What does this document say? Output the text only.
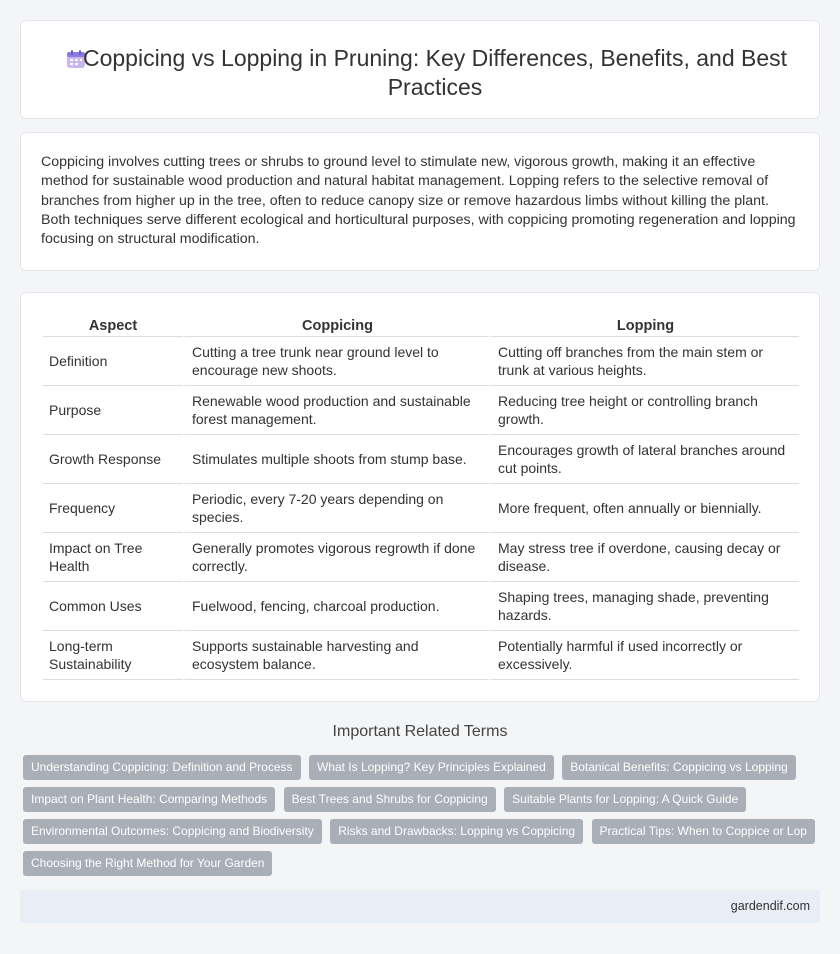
Coppicing vs Lopping in Pruning: Key Differences, Benefits, and Best Practices

Coppicing involves cutting trees or shrubs to ground level to stimulate new, vigorous growth, making it an effective method for sustainable wood production and natural habitat management. Lopping refers to the selective removal of branches from higher up in the tree, often to reduce canopy size or remove hazardous limbs without killing the plant. Both techniques serve different ecological and horticultural purposes, with coppicing promoting regeneration and lopping focusing on structural modification.

Aspect	Coppicing	Lopping
Definition	Cutting a tree trunk near ground level to encourage new shoots.	Cutting off branches from the main stem or trunk at various heights.
Purpose	Renewable wood production and sustainable forest management.	Reducing tree height or controlling branch growth.
Growth Response	Stimulates multiple shoots from stump base.	Encourages growth of lateral branches around cut points.
Frequency	Periodic, every 7-20 years depending on species.	More frequent, often annually or biennially.
Impact on Tree Health	Generally promotes vigorous regrowth if done correctly.	May stress tree if overdone, causing decay or disease.
Common Uses	Fuelwood, fencing, charcoal production.	Shaping trees, managing shade, preventing hazards.
Long-term Sustainability	Supports sustainable harvesting and ecosystem balance.	Potentially harmful if used incorrectly or excessively.
Important Related Terms
Understanding Coppicing: Definition and Process What Is Lopping? Key Principles Explained Botanical Benefits: Coppicing vs Lopping Impact on Plant Health: Comparing Methods Best Trees and Shrubs for Coppicing Suitable Plants for Lopping: A Quick Guide Environmental Outcomes: Coppicing and Biodiversity Risks and Drawbacks: Lopping vs Coppicing Practical Tips: When to Coppice or Lop Choosing the Right Method for Your Garden
gardendif.com
